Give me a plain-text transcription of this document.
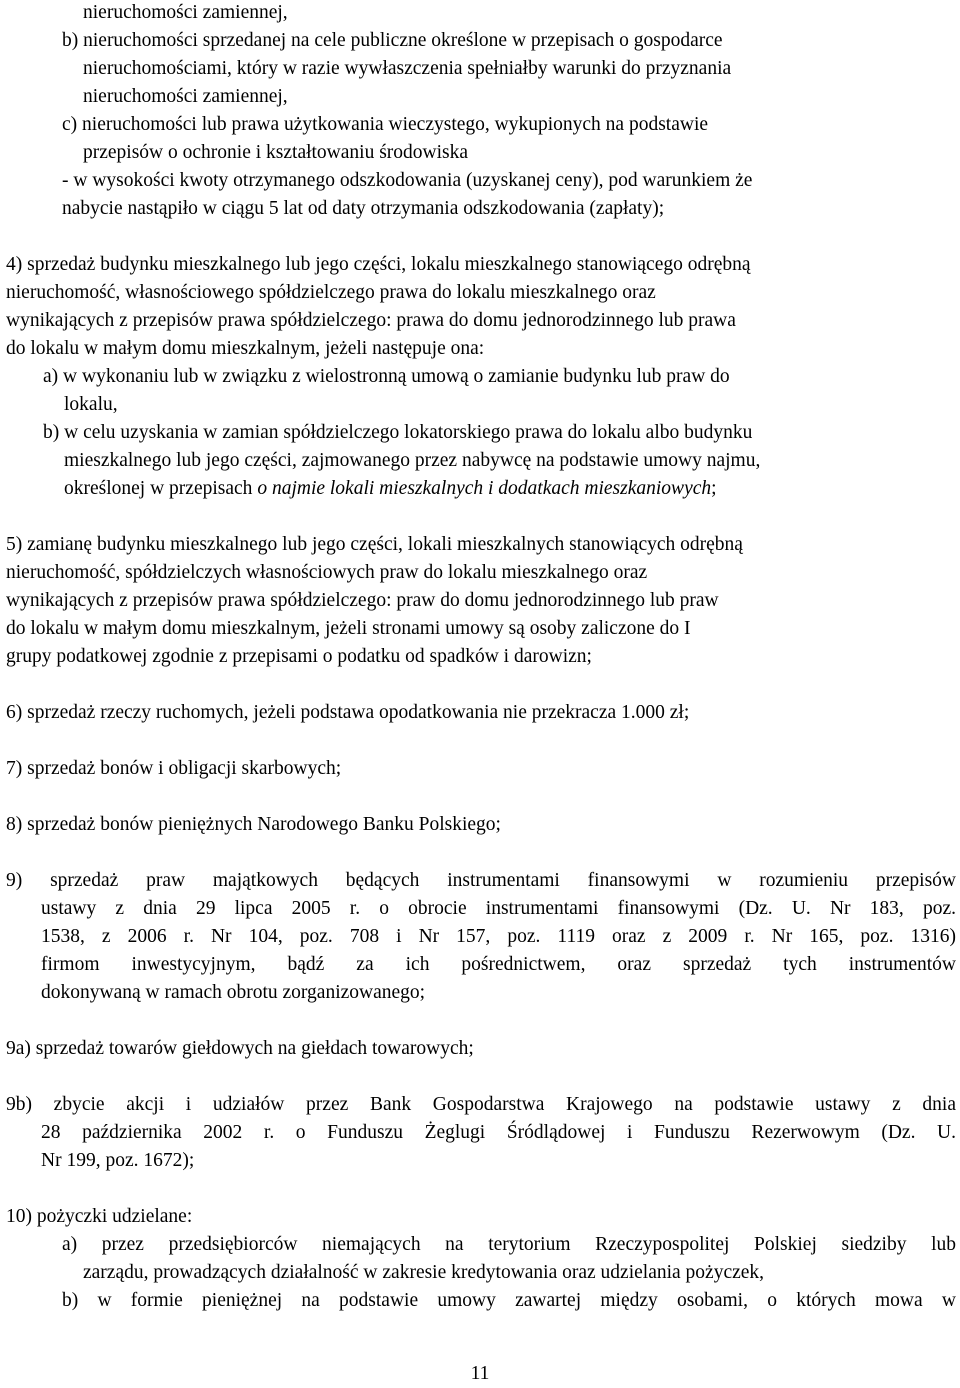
nieruchomości zamiennej,
b) nieruchomości sprzedanej na cele publiczne określone w przepisach o gospodarce
nieruchomościami, który w razie wywłaszczenia spełniałby warunki do przyznania
nieruchomości zamiennej,
c) nieruchomości lub prawa użytkowania wieczystego, wykupionych na podstawie
przepisów o ochronie i kształtowaniu środowiska
- w wysokości kwoty otrzymanego odszkodowania (uzyskanej ceny), pod warunkiem że
nabycie nastąpiło w ciągu 5 lat od daty otrzymania odszkodowania (zapłaty);
4) sprzedaż budynku mieszkalnego lub jego części, lokalu mieszkalnego stanowiącego odrębną
nieruchomość, własnościowego spółdzielczego prawa do lokalu mieszkalnego oraz
wynikających z przepisów prawa spółdzielczego: prawa do domu jednorodzinnego lub prawa
do lokalu w małym domu mieszkalnym, jeżeli następuje ona:
a) w wykonaniu lub w związku z wielostronną umową o zamianie budynku lub praw do
lokalu,
b) w celu uzyskania w zamian spółdzielczego lokatorskiego prawa do lokalu albo budynku
mieszkalnego lub jego części, zajmowanego przez nabywcę na podstawie umowy najmu,
określonej w przepisach o najmie lokali mieszkalnych i dodatkach mieszkaniowych;
5) zamianę budynku mieszkalnego lub jego części, lokali mieszkalnych stanowiących odrębną
nieruchomość, spółdzielczych własnościowych praw do lokalu mieszkalnego oraz
wynikających z przepisów prawa spółdzielczego: praw do domu jednorodzinnego lub praw
do lokalu w małym domu mieszkalnym, jeżeli stronami umowy są osoby zaliczone do I
grupy podatkowej zgodnie z przepisami o podatku od spadków i darowizn;
6) sprzedaż rzeczy ruchomych, jeżeli podstawa opodatkowania nie przekracza 1.000 zł;
7) sprzedaż bonów i obligacji skarbowych;
8) sprzedaż bonów pieniężnych Narodowego Banku Polskiego;
9) sprzedaż praw majątkowych będących instrumentami finansowymi w rozumieniu przepisów
ustawy z dnia 29 lipca 2005 r. o obrocie instrumentami finansowymi (Dz. U. Nr 183, poz.
1538, z 2006 r. Nr 104, poz. 708 i Nr 157, poz. 1119 oraz z 2009 r. Nr 165, poz. 1316)
firmom inwestycyjnym, bądź za ich pośrednictwem, oraz sprzedaż tych instrumentów
dokonywaną w ramach obrotu zorganizowanego;
9a) sprzedaż towarów giełdowych na giełdach towarowych;
9b) zbycie akcji i udziałów przez Bank Gospodarstwa Krajowego na podstawie ustawy z dnia
28 października 2002 r. o Funduszu Żeglugi Śródlądowej i Funduszu Rezerwowym (Dz. U.
Nr 199, poz. 1672);
10) pożyczki udzielane:
a) przez przedsiębiorców niemających na terytorium Rzeczypospolitej Polskiej siedziby lub
zarządu, prowadzących działalność w zakresie kredytowania oraz udzielania pożyczek,
b) w formie pieniężnej na podstawie umowy zawartej między osobami, o których mowa w
11
